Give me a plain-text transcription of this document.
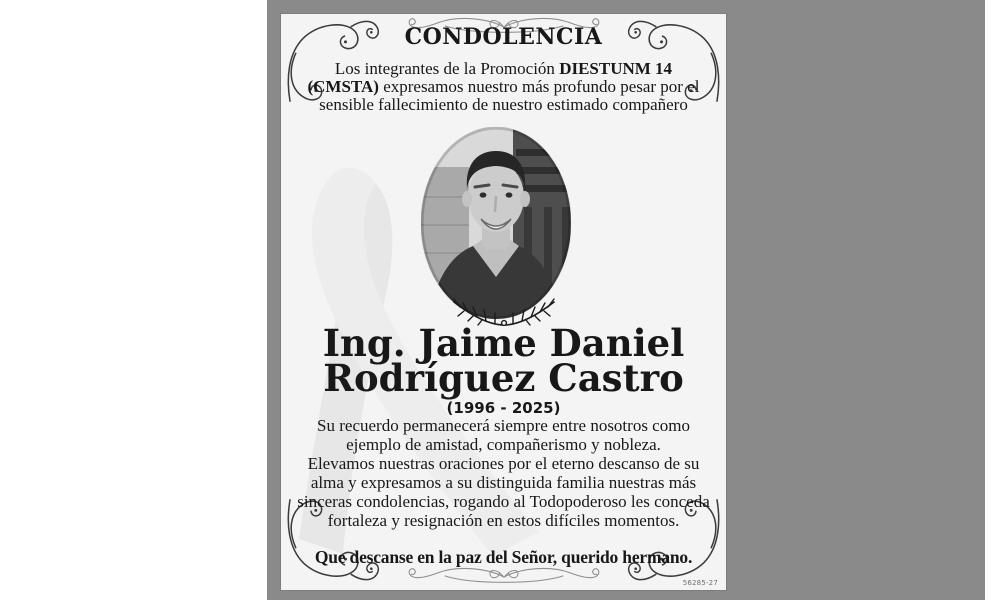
CONDOLENCIA

Los integrantes de la Promoción DIESTUNM 14 (CMSTA) expresamos nuestro más profundo pesar por el sensible fallecimiento de nuestro estimado compañero

Ing. Jaime Daniel
Rodríguez Castro
(1996 - 2025)

Su recuerdo permanecerá siempre entre nosotros como ejemplo de amistad, compañerismo y nobleza.

Elevamos nuestras oraciones por el eterno descanso de su alma y expresamos a su distinguida familia nuestras más sinceras condolencias, rogando al Todopoderoso les conceda fortaleza y resignación en estos difíciles momentos.

Que descanse en la paz del Señor, querido hermano.

56285-27
